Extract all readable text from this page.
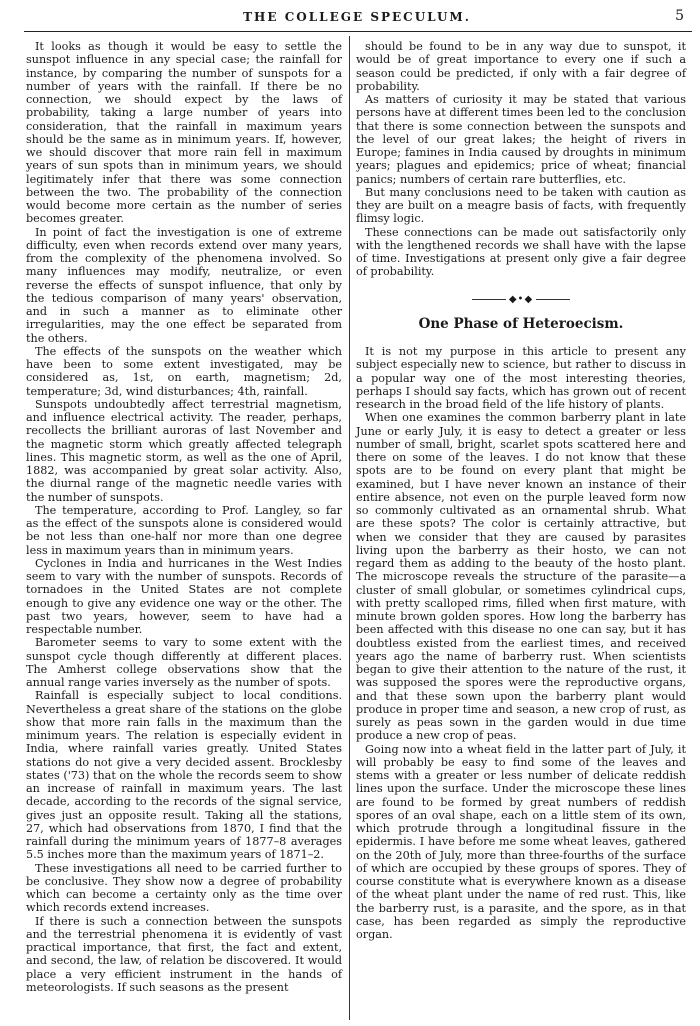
THE COLLEGE SPECULUM.	5

It looks as though it would be easy to settle the sunspot influence in any special case; the rainfall for instance, by comparing the number of sunspots for a number of years with the rainfall. If there be no connection, we should expect by the laws of probability, taking a large number of years into consideration, that the rainfall in maximum years should be the same as in minimum years. If, however, we should discover that more rain fell in maximum years of sun spots than in minimum years, we should legitimately infer that there was some connection between the two. The probability of the connection would become more certain as the number of series becomes greater.

In point of fact the investigation is one of extreme difficulty, even when records extend over many years, from the complexity of the phenomena involved. So many influences may modify, neutralize, or even reverse the effects of sunspot influence, that only by the tedious comparison of many years' observation, and in such a manner as to eliminate other irregularities, may the one effect be separated from the others.

The effects of the sunspots on the weather which have been to some extent investigated, may be considered as, 1st, on earth, magnetism; 2d, temperature; 3d, wind disturbances; 4th, rainfall.

Sunspots undoubtedly affect terrestrial magnetism, and influence electrical activity. The reader, perhaps, recollects the brilliant auroras of last November and the magnetic storm which greatly affected telegraph lines. This magnetic storm, as well as the one of April, 1882, was accompanied by great solar activity. Also, the diurnal range of the magnetic needle varies with the number of sunspots.

The temperature, according to Prof. Langley, so far as the effect of the sunspots alone is considered would be not less than one-half nor more than one degree less in maximum years than in minimum years.

Cyclones in India and hurricanes in the West Indies seem to vary with the number of sunspots. Records of tornadoes in the United States are not complete enough to give any evidence one way or the other. The past two years, however, seem to have had a respectable number.

Barometer seems to vary to some extent with the sunspot cycle though differently at different places. The Amherst college observations show that the annual range varies inversely as the number of spots.

Rainfall is especially subject to local conditions. Nevertheless a great share of the stations on the globe show that more rain falls in the maximum than the minimum years. The relation is especially evident in India, where rainfall varies greatly. United States stations do not give a very decided assent. Brocklesby states ('73) that on the whole the records seem to show an increase of rainfall in maximum years. The last decade, according to the records of the signal service, gives just an opposite result. Taking all the stations, 27, which had observations from 1870, I find that the rainfall during the minimum years of 1877–8 averages 5.5 inches more than the maximum years of 1871–2.

These investigations all need to be carried further to be conclusive. They show now a degree of probability which can become a certainty only as the time over which records extend increases.

If there is such a connection between the sunspots and the terrestrial phenomena it is evidently of vast practical importance, that first, the fact and extent, and second, the law, of relation be discovered. It would place a very efficient instrument in the hands of meteorologists. If such seasons as the present

should be found to be in any way due to sunspot, it would be of great importance to every one if such a season could be predicted, if only with a fair degree of probability.

As matters of curiosity it may be stated that various persons have at different times been led to the conclusion that there is some connection between the sunspots and the level of our great lakes; the height of rivers in Europe; famines in India caused by droughts in minimum years; plagues and epidemics; price of wheat; financial panics; numbers of certain rare butterflies, etc.

But many conclusions need to be taken with caution as they are built on a meagre basis of facts, with frequently flimsy logic.

These connections can be made out satisfactorily only with the lengthened records we shall have with the lapse of time. Investigations at present only give a fair degree of probability.

◆•◆
One Phase of Heteroecism.

It is not my purpose in this article to present any subject especially new to science, but rather to discuss in a popular way one of the most interesting theories, perhaps I should say facts, which has grown out of recent research in the broad field of the life history of plants.

When one examines the common barberry plant in late June or early July, it is easy to detect a greater or less number of small, bright, scarlet spots scattered here and there on some of the leaves. I do not know that these spots are to be found on every plant that might be examined, but I have never known an instance of their entire absence, not even on the purple leaved form now so commonly cultivated as an ornamental shrub. What are these spots? The color is certainly attractive, but when we consider that they are caused by parasites living upon the barberry as their hosto, we can not regard them as adding to the beauty of the hosto plant. The microscope reveals the structure of the parasite—a cluster of small globular, or sometimes cylindrical cups, with pretty scalloped rims, filled when first mature, with minute brown golden spores. How long the barberry has been affected with this disease no one can say, but it has doubtless existed from the earliest times, and received years ago the name of barberry rust. When scientists began to give their attention to the nature of the rust, it was supposed the spores were the reproductive organs, and that these sown upon the barberry plant would produce in proper time and season, a new crop of rust, as surely as peas sown in the garden would in due time produce a new crop of peas.

Going now into a wheat field in the latter part of July, it will probably be easy to find some of the leaves and stems with a greater or less number of delicate reddish lines upon the surface. Under the microscope these lines are found to be formed by great numbers of reddish spores of an oval shape, each on a little stem of its own, which protrude through a longitudinal fissure in the epidermis. I have before me some wheat leaves, gathered on the 20th of July, more than three-fourths of the surface of which are occupied by these groups of spores. They of course constitute what is everywhere known as a disease of the wheat plant under the name of red rust. This, like the barberry rust, is a parasite, and the spore, as in that case, has been regarded as simply the reproductive organ.
